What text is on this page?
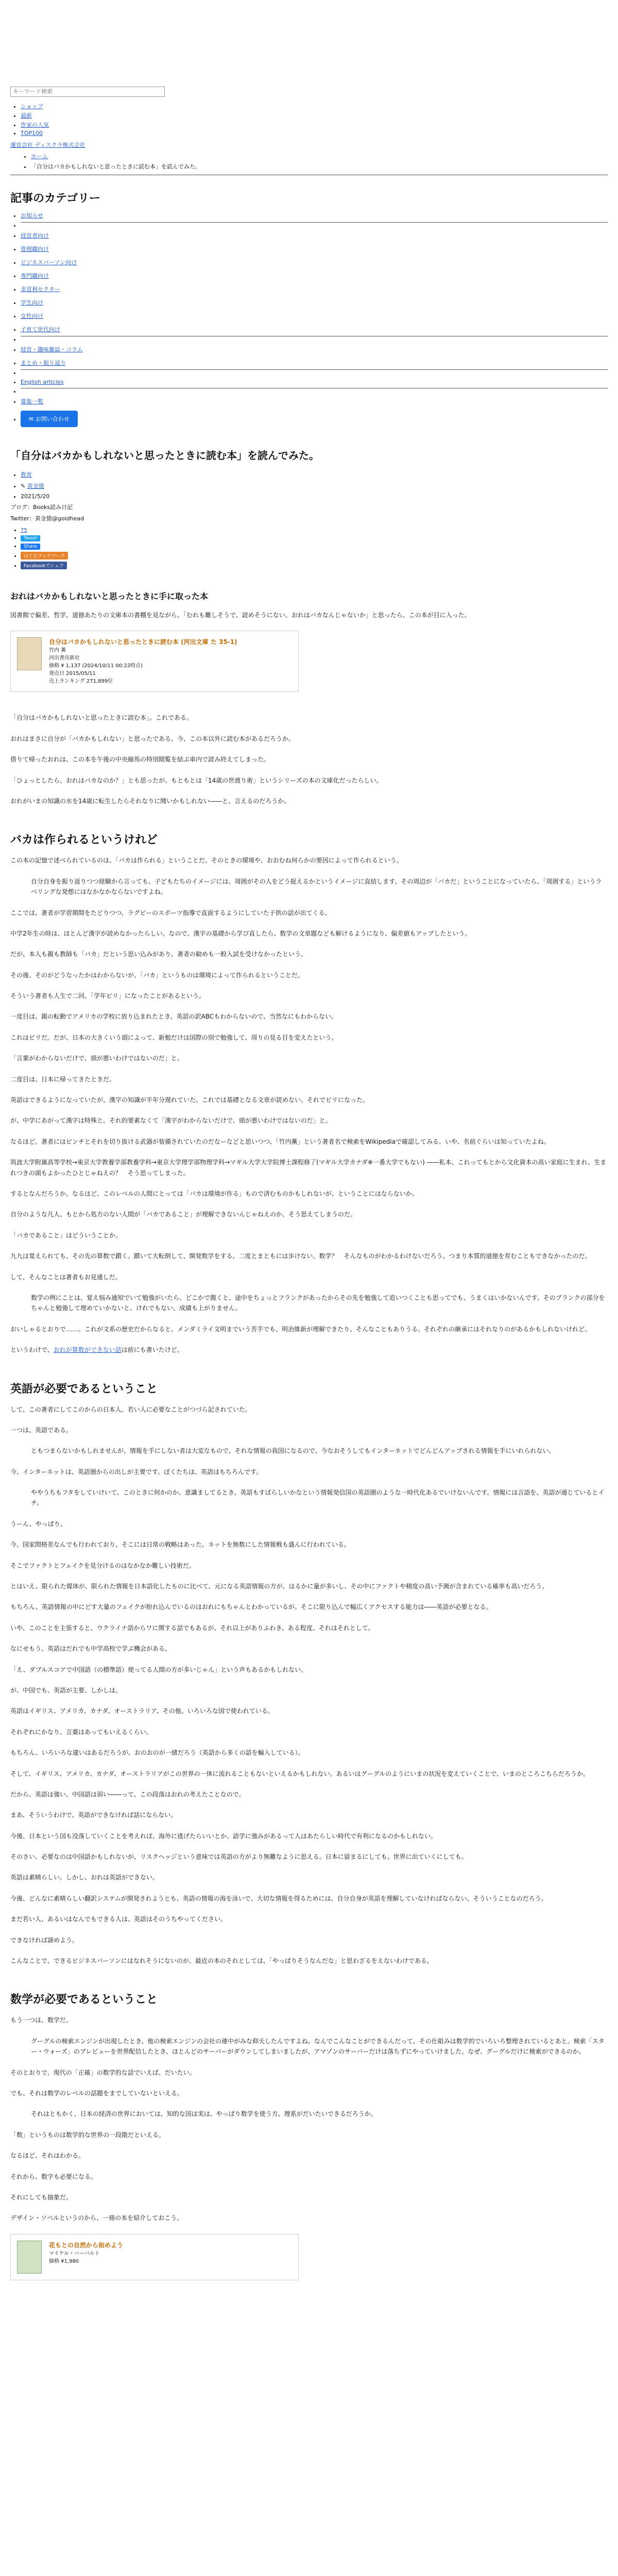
キーワード検索
• ショップ
• 最新
• 作家の人気
• TOP100
運営会社 ディスクラ株式会社
• ホーム
• 「自分はバカかもしれないと思ったときに読む本」を読んでみた。
記事のカテゴリー
• お知らせ
•
• 経営者向け
• 管理職向け
• ビジネスパーソン向け
• 専門職向け
• 非営利セクター
• 学生向け
• 女性向け
• 子育て世代向け
•
• 経営・趣味雑誌・コラム
• まとめ・振り返り
•
• English articles
•
• 募集一覧
• ✉ お問い合わせ
「自分はバカかもしれないと思ったときに読む本」を読んでみた。
• 教育
• ✎ 黄金猿
• 2021/5/20
ブログ：Books読み日記
Twitter：黄金猿@goldhead
• 75
• Tweet
• Share
• はてなブックマーク
• Facebookでシェア
おれはバカかもしれないと思ったときに手に取った本

図書館で偏差、哲学、道徳あたりの文庫本の書棚を見ながら、「むれも難しそうで、読めそうにない。おれはバカなんじゃないか」と思ったら、この本が目に入った。

自分はバカかもしれないと思ったときに読む本 (河出文庫 た 35-1)
竹内 薫
河出書房新社
価格 ¥ 1,137 (2024/10/11 00:22時点)
発売日 2015/05/11
売上ランキング 271,899位

「自分はバカかもしれないと思ったときに読む本」。これである。

おれはまさに自分が「バカかもしれない」と思ったである。今、この本以外に読む本があるだろうか。

借りて帰ったおれは、この本を午後の中央線馬の特別閲覧を結ぶ車内で読み終えてしまった。

「ひょっとしたら、おれはバカなのか？」とも思ったが、もともとは「14歳の世渡り術」というシリーズの本の文庫化だったらしい。

おれがいまの知識の水を14歳に転生したらそれなりに聞いかもしれない――と、言えるのだろうか。

バカは作られるというけれど

この本の記憶で述べられているのは、「バカは作られる」ということだ。そのときの環境や、おおむね何らかの要因によって作られるという。

自分自身を振り返りつつ経験から言っても、子どもたちのイメージには、周囲がその人をどう捉えるかというイメージに直結します。その周辺が「バカだ」ということになっていたら、「周囲する」というラベリングな発想にはなかなかならないですよね。

ここでは、著者が学習期間をたどりつつ、ラグビーのスポーツ指導で直面するようにしていた子供の話が出てくる。

中学2年生の時は、ほとんど漢字が読めなかったらしい。なので、漢字の基礎から学び直したら、数学の文章題なども解けるようになり、偏差値もアップしたという。

だが、本人も親も教師も「バカ」だという思い込みがあり、著者の勧めも一般入試を受けなかったという。

その後、そのがどうなったかはわからないが、「バカ」というものは環境によって作られるということだ。

そういう著者も人生で二回、「学年ビリ」になったことがあるという。

一度目は、親の転勤でアメリカの学校に放り込まれたとき。英語の訳ABCもわからないので、当然なにもわからない。

これはビリだ。だが、日本の大きくいう頭によって、新勉だけは国際の別で勉強して、周りの見る目を変えたという。

「言葉がわからないだけで、頭が悪いわけではないのだ」と。

二度目は、日本に帰ってきたときだ。

英語はできるようになっていたが、漢字の知識が半年分遅れていた。これでは基礎となる文章が読めない。それでビリになった。

が、中学にあがって漢字は特殊と。それ的要素なくて「漢字がわからないだけで、頭が悪いわけではないのだ」と。

なるほど。著者にはピンチとそれを切り抜ける武器が装備されていたのだなーなどと思いつつ、「竹内薫」という著者名で検索をWikipediaで確認してみる。いや、名前ぐらいは知っていたよね。

筑波大学附属高等学校→東京大学教養学部教養学科→東京大学理学部物理学科→マギル大学大学院博士課程修了(マギル大学カナダ※一番大学でもない) ――私本、これってもとから文化資本の高い家庭に生まれ、生まれつきの頭もよかったひとじゃねえの？　そう思ってしまった。

するとなんだろうか。なるほど、このレベルの人間にとっては「バカは環境が作る」もので済むものかもしれないが、ということにはならないか。

自分のような凡人、もとから処方のない人間が「バカであること」が理解できないんじゃねえのか、そう思えてしまうのだ。

「バカであること」はどういうことか。

九九は覚えられても、その先の算数で躓く。躓いて大転倒して、開発数学をする。二度とまともには歩けない。数学？　そんなものがわかるわけないだろう。つまり本質的道徳を育むこともできなかったのだ。

して、そんなことは著者もお見通しだ。

数学の例にことは、覚え悩み通知でいて勉強がいたら、どこかで腹くと、途中をちょっとフランクがあったからその先を勉強して追いつくことも思ってでも、うまくはいかないんです。そのブランクの部分をちゃんと勉強して埋めていかないと、けれでもない、成績も上がりません。

おいしゃるとおりで……。これが文系の歴史だからなると、メンダミライ文明までいう苦手でも、明治維新が理解できたり、そんなこともありうる。それぞれの継承にはそれなりのがあるかもしれないけれど。

というわけで、おれが算数ができない話は前にも書いたけど。

英語が必要であるということ

して、この著者にしてこのからの日本人、若い人に必要なことがつづら記されていた。

一つは、英語である。

ともつまらないかもしれませんが、情報を手にしない者は大変なもので、それな情報の我国になるので、今なおそうしてもインターネットでどんどんアップされる情報を手にいれられない。

今、インターネットは、英語圏からの出しが主要です。ぼくたちは、英語はもちろんです。

ややうちもフタをしていけいて、このときに何かのか、意識ましてるとき、英語もすばらしいかなという情報発信国の英語圏のような一時代化あるでいけないんです。情報には言語を、英語が通じているとイチ。

うーん、やっぱり。

今、国家間格差なんでも行われており、そこには日常の戦略はあった。ネットを無数にした情報戦も盛んに行われている。

そこでファクトとフェイクを見分けるのはなかなか難しい技術だ。

とはいえ、限られた媒体が、限られた情報を日本語化したものに比べて、元になる英語情報の方が、はるかに量が多いし、その中にファクトや精度の高い予測が含まれている確率も高いだろう。

もちろん、英語情報の中にどす大量のフェイクが紛れ込んでいるのはおれにもちゃんとわかっているが。そこに限り込んで幅広くアクセスする能力は――英語が必要となる。

いや、このことを主張すると、ウクライナ語からワに関する話でもあるが、それ以上がありふわき、ある程度、それはそれとして。

なにせもう、英語はだれでも中学高校で学ぶ機会がある。

「え、ダブルスコアで中国語（の標準語）使ってる人間の方が多いじゃん」という声もあるかもしれない。

が、中国でも、英語が主要、しかしは。

英語はイギリス、アメリカ、カナダ、オーストラリア、その他、いろいろな国で使われている。

それぞれにかなり、言葉はあってもいえるくらい。

もちろん、いろいろな違いはあるだろうが、おのおのが一緒だろう（英語から多くの語を輸入している）。

そして、イギリス、アメリカ、カナダ、オーストラリアがこの世界の一体に流れることもないといえるかもしれない。あるいはグーグルのようにいまの状況を変えていくことで、いまのところこちらだろうか。

だから、英語は強い。中国語は弱い――って、この段落はおれの考えたことなので。

まあ、そういうわけで、英語ができなければ話にならない。

今後、日本という国も没落していくことを考えれば、海外に逃げたらいいとか、語学に強みがあるって人はあたらしい時代で有利になるのかもしれない。

そのさい、必要なのは中国語かもしれないが、リスクヘッジという意味では英語の方がより無難なように思える。日本に留まるにしても、世界に出ていくにしても。

英語は素晴らしい。しかし、おれは英語ができない。

今後、どんなに素晴らしい翻訳システムが開発されようとも、英語の情報の海を泳いで、大切な情報を得るためには、自分自身が英語を理解していなければならない。そういうことなのだろう。

まだ若い人、あるいはなんでもできる人は、英語はそのうちやってください。

できなければ諦めよう。

こんなことで、できるビジネスパーソンにはなれそうにないのが、最近の本のそれとしては、「やっぱりそうなんだな」と思わざるをえないわけである。

数学が必要であるということ

もう一つは、数学だ。

グーグルの検索エンジンが出現したとき、他の検索エンジンの会社の連中がみな仰天したんですよね。なんでこんなことができるんだって、その仕組みは数学的でいろいろ整理されているとあと。検索「スター・ウォーズ」のプレビューを世界配信したとき、ほとんどのサーバーがダウンしてしまいましたが、アマゾンのサーバーだけは落ちずにやっていけました。なぜ、グーグルだけに検索ができるのか。

そのとおりで、現代の「正確」の数学的な話でいえば、だいたい。

でも、それは数学のレベルの話題をまでしていないといえる。

それはともかく、日本の経済の世界においては、知的な国は実は、やっぱり数学を使う方、理系がだいたいできるだろうか。

「数」というものは数学的な世界の一段階だといえる。

なるほど、それはわかる。

それから、数字も必要になる。

それにしても抽象だ。

デザイン・ソベルというのから、一冊の本を紹介しておこう。

花もとの自然から始めよう
マイケル・ハーバルト
価格 ¥1,980
